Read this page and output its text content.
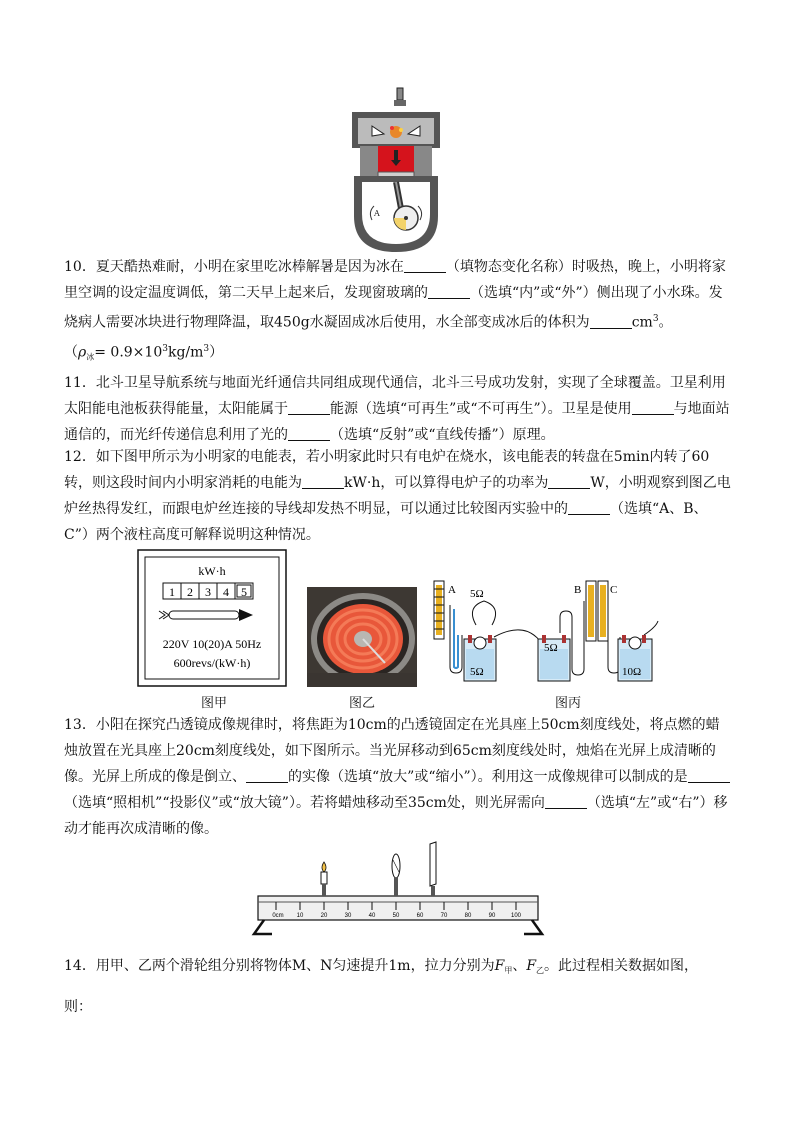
A

10．夏天酷热难耐，小明在家里吃冰棒解暑是因为冰在	（填物态变化名称）时吸热，晚上，小明将家里空调的设定温度调低，第二天早上起来后，发现窗玻璃的	（选填“内”或“外”）侧出现了小水珠。发烧病人需要冰块进行物理降温，取450g水凝固成冰后使用，水全部变成冰后的体积为	$cm^3$。
$(\rho_冰= 0.9\times 10^3kg/m^3)$

11．北斗卫星导航系统与地面光纤通信共同组成现代通信，北斗三号成功发射，实现了全球覆盖。卫星利用太阳能电池板获得能量，太阳能属于	能源（选填“可再生”或“不可再生”）。卫星是使用	与地面站通信的，而光纤传递信息利用了光的	（选填“反射”或“直线传播”）原理。

12．如下图甲所示为小明家的电能表，若小明家此时只有电炉在烧水，该电能表的转盘在5min内转了60转，则这段时间内小明家消耗的电能为	kW·h，可以算得电炉子的功率为	W，小明观察到图乙电炉丝热得发红，而跟电炉丝连接的导线却发热不明显，可以通过比较图丙实验中的	（选填“A、B、C”）两个液柱高度可解释说明这种情况。

kW·h
1 2 3 4 5
220V 10(20)A 50Hz
600revs/(kW·h)
A 5Ω
5Ω
5Ω
B	C
10Ω
图甲	图乙	图丙

13．小阳在探究凸透镜成像规律时，将焦距为10cm的凸透镜固定在光具座上50cm刻度线处，将点燃的蜡烛放置在光具座上20cm刻度线处，如下图所示。当光屏移动到65cm刻度线处时，烛焰在光屏上成清晰的像。光屏上所成的像是倒立、	的实像（选填“放大”或“缩小”）。利用这一成像规律可以制成的是（选填“照相机”“投影仪”或“放大镜”）。若将蜡烛移动至35cm处，则光屏需向	（选填“左”或“右”）移动才能再次成清晰的像。

0cm 10	20	30	40	50	60	70	80	90	100

14．用甲、乙两个滑轮组分别将物体M、N匀速提升1m，拉力分别为$F_甲$、$F_乙$。此过程相关数据如图，
则：
